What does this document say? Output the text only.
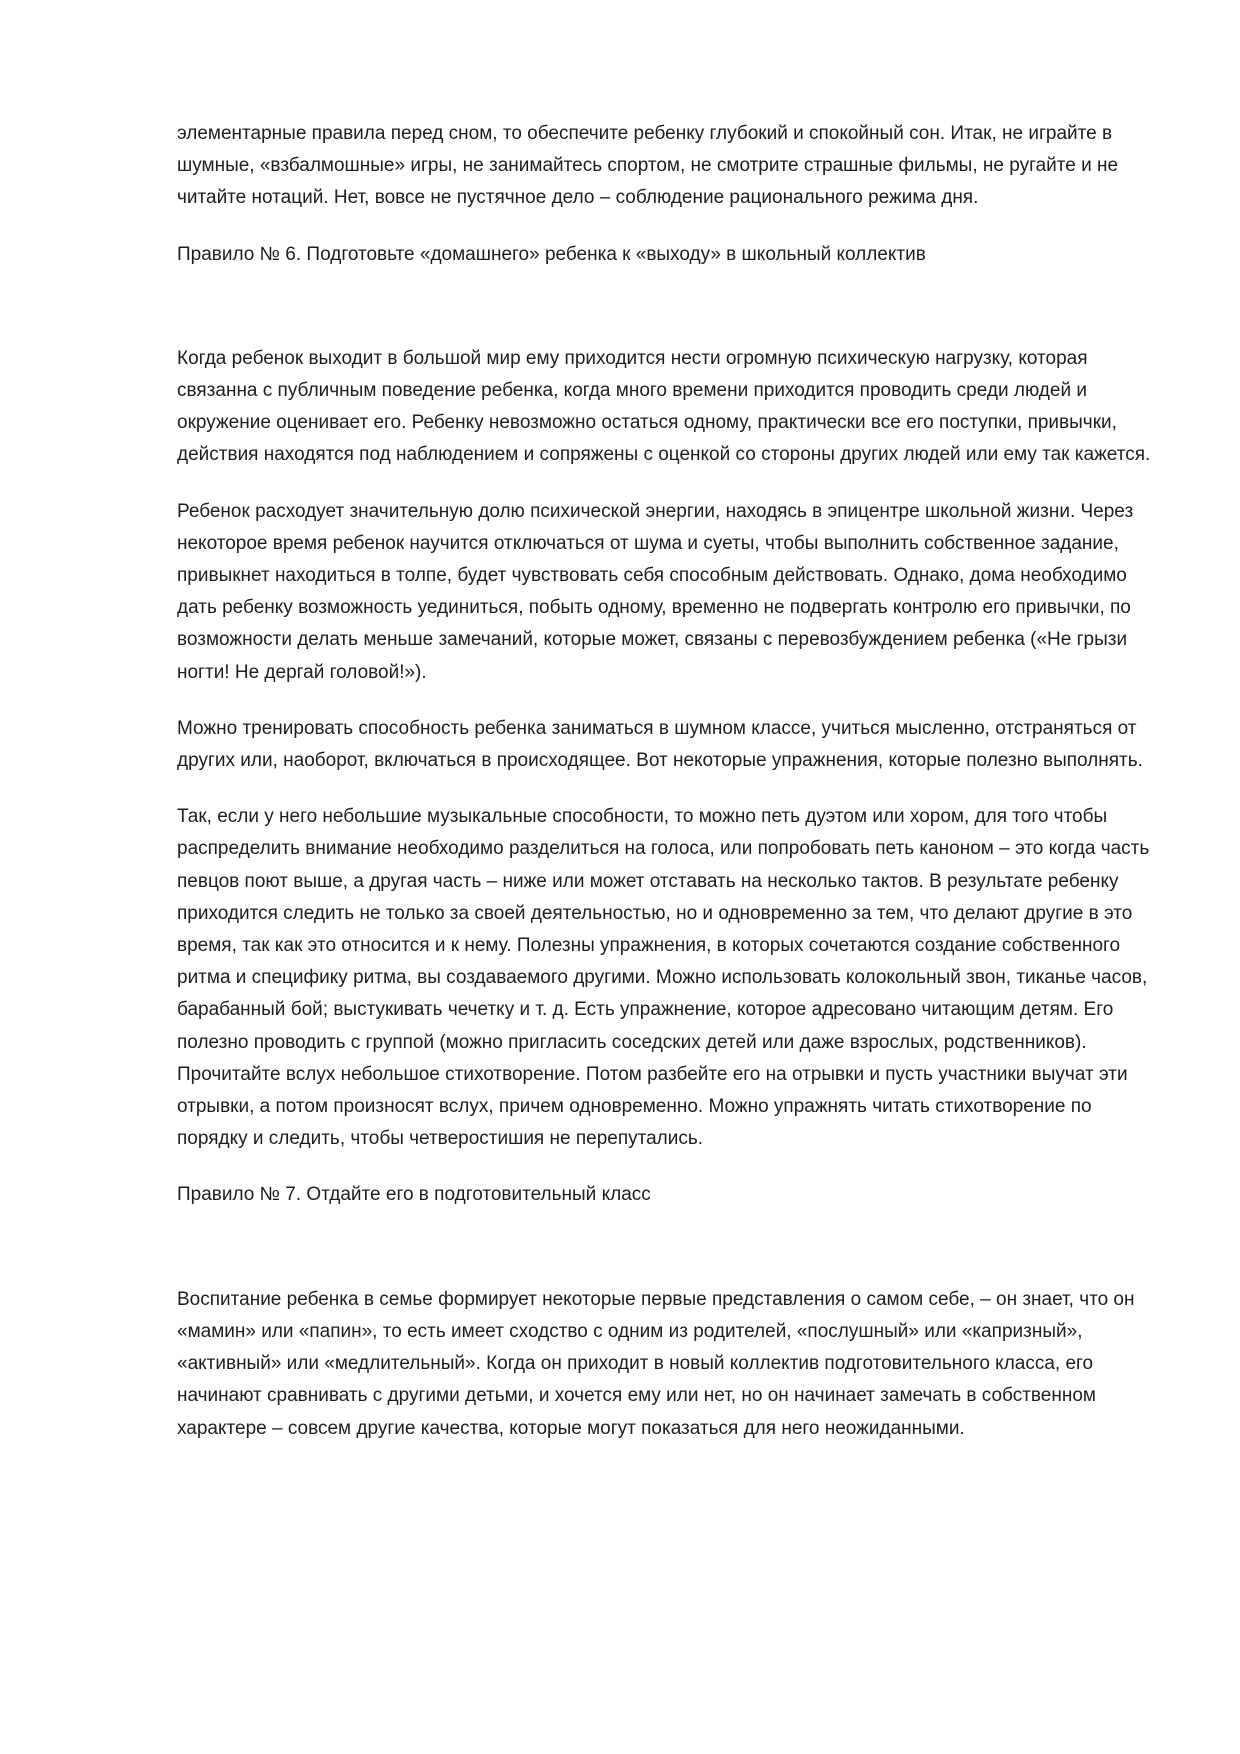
элементарные правила перед сном, то обеспечите ребенку глубокий и спокойный сон. Итак, не играйте в шумные, «взбалмошные» игры, не занимайтесь спортом, не смотрите страшные фильмы, не ругайте и не читайте нотаций. Нет, вовсе не пустячное дело – соблюдение рационального режима дня.

Правило № 6. Подготовьте «домашнего» ребенка к «выходу» в школьный коллектив

Когда ребенок выходит в большой мир ему приходится нести огромную психическую нагрузку, которая связанна с публичным поведение ребенка, когда много времени приходится проводить среди людей и окружение оценивает его. Ребенку невозможно остаться одному, практически все его поступки, привычки, действия находятся под наблюдением и сопряжены с оценкой со стороны других людей или ему так кажется.

Ребенок расходует значительную долю психической энергии, находясь в эпицентре школьной жизни. Через некоторое время ребенок научится отключаться от шума и суеты, чтобы выполнить собственное задание, привыкнет находиться в толпе, будет чувствовать себя способным действовать. Однако, дома необходимо дать ребенку возможность уединиться, побыть одному, временно не подвергать контролю его привычки, по возможности делать меньше замечаний, которые может, связаны с перевозбуждением ребенка («Не грызи ногти! Не дергай головой!»).

Можно тренировать способность ребенка заниматься в шумном классе, учиться мысленно, отстраняться от других или, наоборот, включаться в происходящее. Вот некоторые упражнения, которые полезно выполнять.

Так, если у него небольшие музыкальные способности, то можно петь дуэтом или хором, для того чтобы распределить внимание необходимо разделиться на голоса, или попробовать петь каноном – это когда часть певцов поют выше, а другая часть – ниже или может отставать на несколько тактов. В результате ребенку приходится следить не только за своей деятельностью, но и одновременно за тем, что делают другие в это время, так как это относится и к нему. Полезны упражнения, в которых сочетаются создание собственного ритма и специфику ритма, вы создаваемого другими. Можно использовать колокольный звон, тиканье часов, барабанный бой; выстукивать чечетку и т. д. Есть упражнение, которое адресовано читающим детям. Его полезно проводить с группой (можно пригласить соседских детей или даже взрослых, родственников). Прочитайте вслух небольшое стихотворение. Потом разбейте его на отрывки и пусть участники выучат эти отрывки, а потом произносят вслух, причем одновременно. Можно упражнять читать стихотворение по порядку и следить, чтобы четверостишия не перепутались.

Правило № 7. Отдайте его в подготовительный класс

Воспитание ребенка в семье формирует некоторые первые представления о самом себе, – он знает, что он «мамин» или «папин», то есть имеет сходство с одним из родителей, «послушный» или «капризный», «активный» или «медлительный». Когда он приходит в новый коллектив подготовительного класса, его начинают сравнивать с другими детьми, и хочется ему или нет, но он начинает замечать в собственном характере – совсем другие качества, которые могут показаться для него неожиданными.
